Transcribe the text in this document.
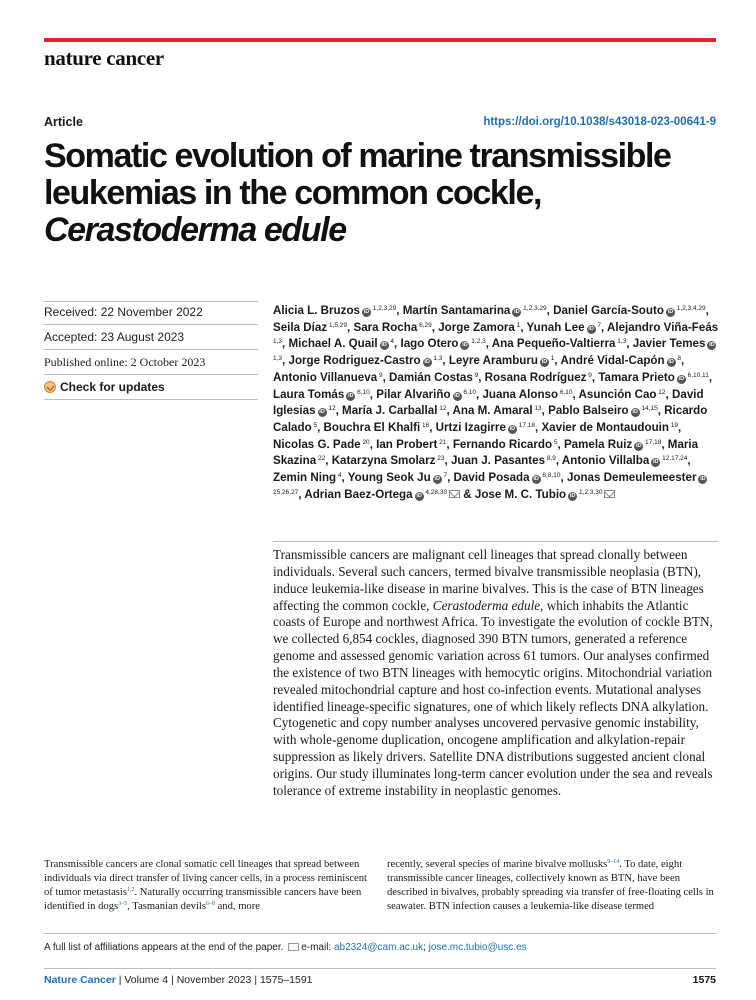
nature cancer
Article	https://doi.org/10.1038/s43018-023-00641-9
Somatic evolution of marine transmissible
leukemias in the common cockle,
Cerastoderma edule
Received: 22 November 2022
Accepted: 23 August 2023
Published online: 2 October 2023
Check for updates
Alicia L. Bruzos iD $^{1,2,3,29}$, Martín Santamarina iD $^{1,2,3,29}$, Daniel García-Souto iD $^{1,2,3,4,29}$, Seila Díaz $^{1,5,29}$, Sara Rocha $^{6,29}$, Jorge Zamora $^1$, Yunah Lee iD $^7$, Alejandro Viña-Feás $^{1,3}$, Michael A. Quail iD $^4$, Iago Otero iD $^{1,2,3}$, Ana Pequeño-Valtierra $^{1,3}$, Javier Temes iD $^{1,3}$, Jorge Rodriguez-Castro iD $^{1,3}$, Leyre Aramburu iD $^1$, André Vidal-Capón iD $^8$, Antonio Villanueva $^9$, Damián Costas $^9$, Rosana Rodríguez $^9$, Tamara Prieto iD $^{6,10,11}$, Laura Tomás iD $^{6,10}$, Pilar Alvariño iD $^{6,10}$, Juana Alonso $^{6,10}$, Asunción Cao $^{12}$, David Iglesias iD $^{12}$, María J. Carballal $^{12}$, Ana M. Amaral $^{13}$, Pablo Balseiro iD $^{14,15}$, Ricardo Calado $^5$, Bouchra El Khalfi $^{16}$, Urtzi Izagirre iD $^{17,18}$, Xavier de Montaudouin $^{19}$, Nicolas G. Pade $^{20}$, Ian Probert $^{21}$, Fernando Ricardo $^5$, Pamela Ruiz iD $^{17,18}$, Maria Skazina $^{22}$, Katarzyna Smolarz $^{23}$, Juan J. Pasantes $^{8,9}$, Antonio Villalba iD $^{12,17,24}$, Zemin Ning $^4$, Young Seok Ju iD $^7$, David Posada iD $^{6,8,10}$, Jonas Demeulemeester iD $^{25,26,27}$, Adrian Baez-Ortega iD $^{4,28,30}$ & Jose M. C. Tubio iD $^{1,2,3,30}$
Transmissible cancers are malignant cell lineages that spread clonally between individuals. Several such cancers, termed bivalve transmissible neoplasia (BTN), induce leukemia-like disease in marine bivalves. This is the case of BTN lineages affecting the common cockle, Cerastoderma edule, which inhabits the Atlantic coasts of Europe and northwest Africa. To investigate the evolution of cockle BTN, we collected 6,854 cockles, diagnosed 390 BTN tumors, generated a reference genome and assessed genomic variation across 61 tumors. Our analyses confirmed the existence of two BTN lineages with hemocytic origins. Mitochondrial variation revealed mitochondrial capture and host co-infection events. Mutational analyses identified lineage-specific signatures, one of which likely reflects DNA alkylation. Cytogenetic and copy number analyses uncovered pervasive genomic instability, with whole-genome duplication, oncogene amplification and alkylation-repair suppression as likely drivers. Satellite DNA distributions suggested ancient clonal origins. Our study illuminates long-term cancer evolution under the sea and reveals tolerance of extreme instability in neoplastic genomes.
Transmissible cancers are clonal somatic cell lineages that spread between individuals via direct transfer of living cancer cells, in a process reminiscent of tumor metastasis$^{1,2}$. Naturally occurring transmissible cancers have been identified in dogs$^{3-5}$, Tasmanian devils$^{6-8}$ and, more
recently, several species of marine bivalve mollusks$^{9-14}$. To date, eight transmissible cancer lineages, collectively known as BTN, have been described in bivalves, probably spreading via transfer of free-floating cells in seawater. BTN infection causes a leukemia-like disease termed
A full list of affiliations appears at the end of the paper. e-mail: ab2324@cam.ac.uk; jose.mc.tubio@usc.es
Nature Cancer | Volume 4 | November 2023 | 1575–1591	1575
